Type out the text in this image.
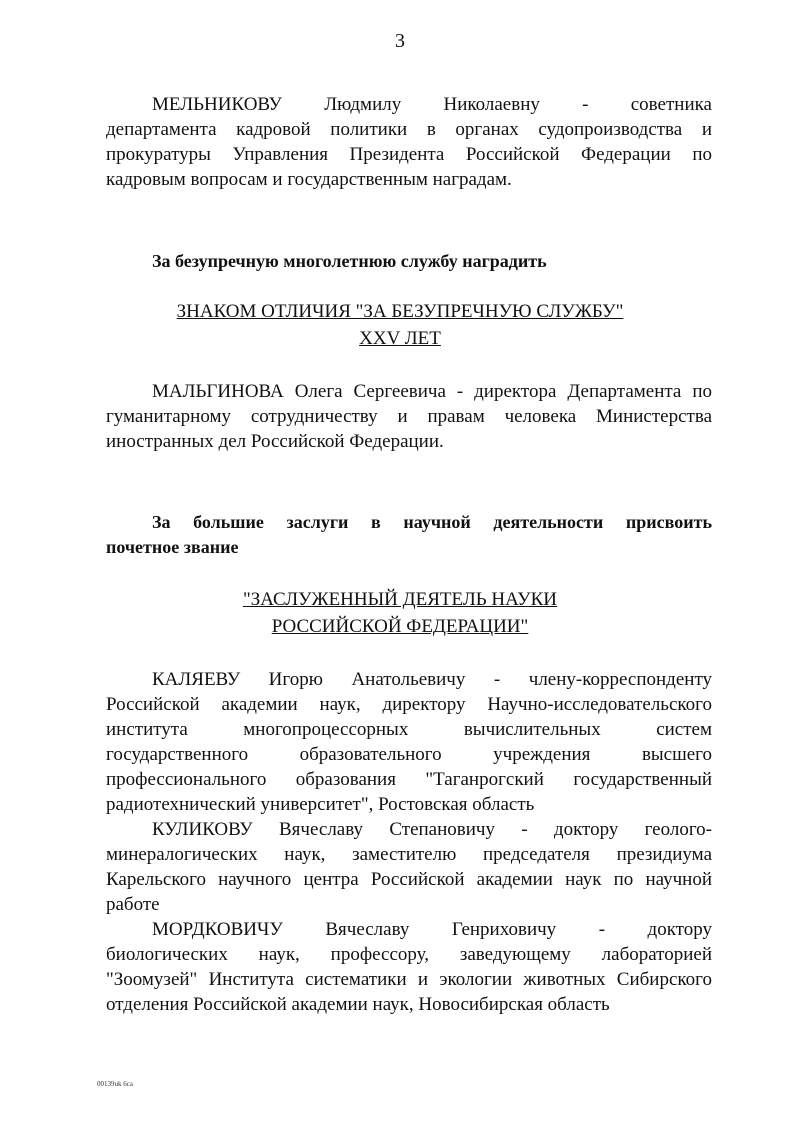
3
МЕЛЬНИКОВУ Людмилу Николаевну - советника
департамента кадровой политики в органах судопроизводства и
прокуратуры Управления Президента Российской Федерации по
кадровым вопросам и государственным наградам.
За безупречную многолетнюю службу наградить
ЗНАКОМ ОТЛИЧИЯ "ЗА БЕЗУПРЕЧНУЮ СЛУЖБУ"
XXV ЛЕТ
МАЛЬГИНОВА Олега Сергеевича - директора Департамента по
гуманитарному сотрудничеству и правам человека Министерства
иностранных дел Российской Федерации.
За большие заслуги в научной деятельности присвоить
почетное звание
"ЗАСЛУЖЕННЫЙ ДЕЯТЕЛЬ НАУКИ
РОССИЙСКОЙ ФЕДЕРАЦИИ"
КАЛЯЕВУ Игорю Анатольевичу - члену-корреспонденту
Российской академии наук, директору Научно-исследовательского
института многопроцессорных вычислительных систем
государственного образовательного учреждения высшего
профессионального образования "Таганрогский государственный
радиотехнический университет", Ростовская область
КУЛИКОВУ Вячеславу Степановичу - доктору геолого-
минералогических наук, заместителю председателя президиума
Карельского научного центра Российской академии наук по научной
работе
МОРДКОВИЧУ Вячеславу Генриховичу - доктору
биологических наук, профессору, заведующему лабораторией
"Зоомузей" Института систематики и экологии животных Сибирского
отделения Российской академии наук, Новосибирская область
00139uk 6ca
